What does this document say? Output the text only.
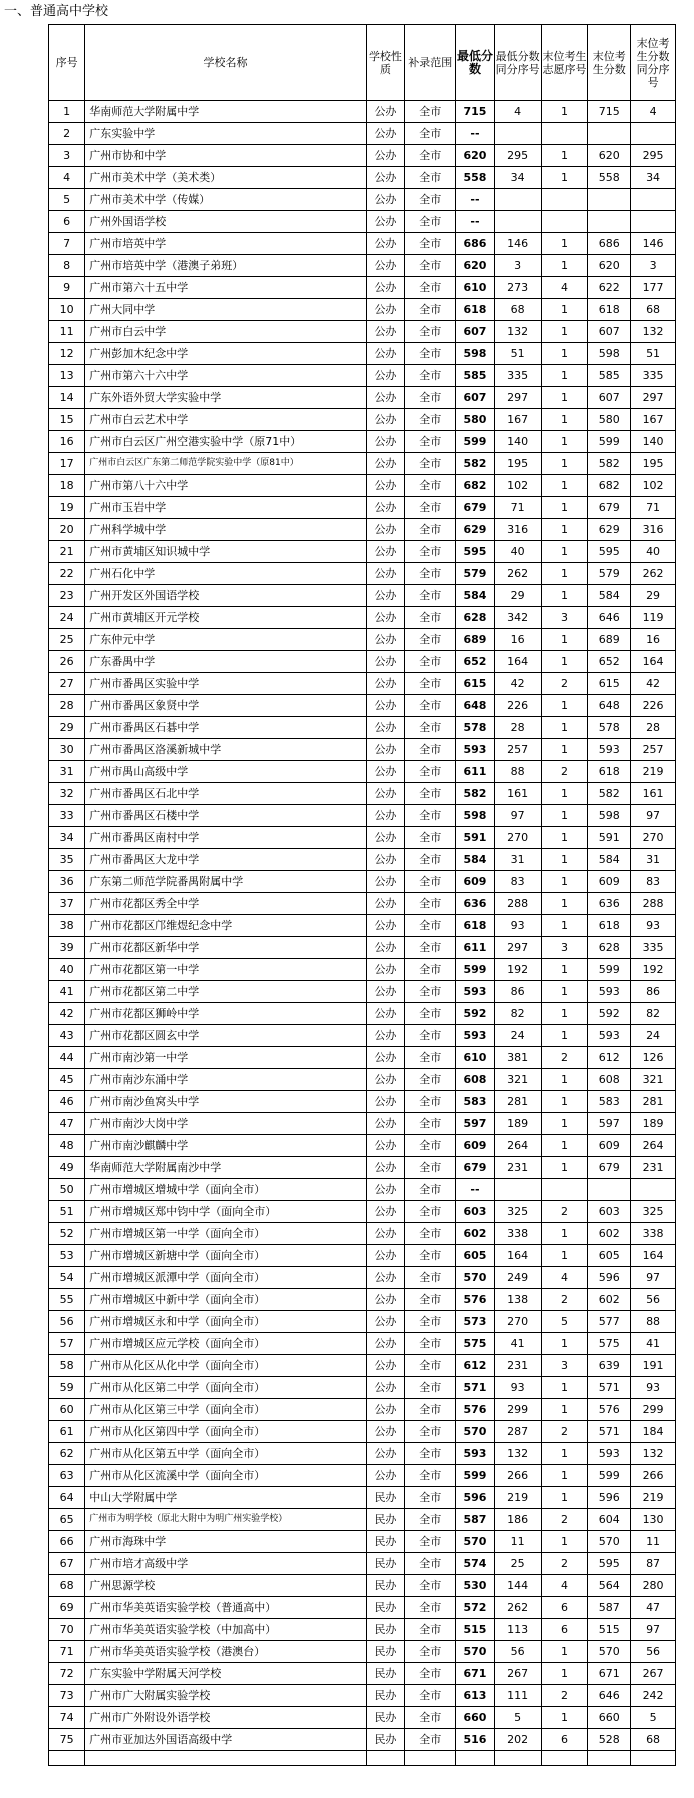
一、普通高中学校
序号	学校名称	学校性质	补录范围	最低分数	最低分数同分序号	末位考生志愿序号	末位考生分数	末位考生分数同分序号
1	华南师范大学附属中学	公办	全市	715	4	1	715	4
2	广东实验中学	公办	全市	--				
3	广州市协和中学	公办	全市	620	295	1	620	295
4	广州市美术中学（美术类）	公办	全市	558	34	1	558	34
5	广州市美术中学（传媒）	公办	全市	--				
6	广州外国语学校	公办	全市	--				
7	广州市培英中学	公办	全市	686	146	1	686	146
8	广州市培英中学（港澳子弟班）	公办	全市	620	3	1	620	3
9	广州市第六十五中学	公办	全市	610	273	4	622	177
10	广州大同中学	公办	全市	618	68	1	618	68
11	广州市白云中学	公办	全市	607	132	1	607	132
12	广州彭加木纪念中学	公办	全市	598	51	1	598	51
13	广州市第六十六中学	公办	全市	585	335	1	585	335
14	广东外语外贸大学实验中学	公办	全市	607	297	1	607	297
15	广州市白云艺术中学	公办	全市	580	167	1	580	167
16	广州市白云区广州空港实验中学（原71中）	公办	全市	599	140	1	599	140
17	广州市白云区广东第二师范学院实验中学（原81中）	公办	全市	582	195	1	582	195
18	广州市第八十六中学	公办	全市	682	102	1	682	102
19	广州市玉岩中学	公办	全市	679	71	1	679	71
20	广州科学城中学	公办	全市	629	316	1	629	316
21	广州市黄埔区知识城中学	公办	全市	595	40	1	595	40
22	广州石化中学	公办	全市	579	262	1	579	262
23	广州开发区外国语学校	公办	全市	584	29	1	584	29
24	广州市黄埔区开元学校	公办	全市	628	342	3	646	119
25	广东仲元中学	公办	全市	689	16	1	689	16
26	广东番禺中学	公办	全市	652	164	1	652	164
27	广州市番禺区实验中学	公办	全市	615	42	2	615	42
28	广州市番禺区象贤中学	公办	全市	648	226	1	648	226
29	广州市番禺区石碁中学	公办	全市	578	28	1	578	28
30	广州市番禺区洛溪新城中学	公办	全市	593	257	1	593	257
31	广州市禺山高级中学	公办	全市	611	88	2	618	219
32	广州市番禺区石北中学	公办	全市	582	161	1	582	161
33	广州市番禺区石楼中学	公办	全市	598	97	1	598	97
34	广州市番禺区南村中学	公办	全市	591	270	1	591	270
35	广州市番禺区大龙中学	公办	全市	584	31	1	584	31
36	广东第二师范学院番禺附属中学	公办	全市	609	83	1	609	83
37	广州市花都区秀全中学	公办	全市	636	288	1	636	288
38	广州市花都区邝维煜纪念中学	公办	全市	618	93	1	618	93
39	广州市花都区新华中学	公办	全市	611	297	3	628	335
40	广州市花都区第一中学	公办	全市	599	192	1	599	192
41	广州市花都区第二中学	公办	全市	593	86	1	593	86
42	广州市花都区狮岭中学	公办	全市	592	82	1	592	82
43	广州市花都区圆玄中学	公办	全市	593	24	1	593	24
44	广州市南沙第一中学	公办	全市	610	381	2	612	126
45	广州市南沙东涌中学	公办	全市	608	321	1	608	321
46	广州市南沙鱼窝头中学	公办	全市	583	281	1	583	281
47	广州市南沙大岗中学	公办	全市	597	189	1	597	189
48	广州市南沙麒麟中学	公办	全市	609	264	1	609	264
49	华南师范大学附属南沙中学	公办	全市	679	231	1	679	231
50	广州市增城区增城中学（面向全市）	公办	全市	--				
51	广州市增城区郑中钧中学（面向全市）	公办	全市	603	325	2	603	325
52	广州市增城区第一中学（面向全市）	公办	全市	602	338	1	602	338
53	广州市增城区新塘中学（面向全市）	公办	全市	605	164	1	605	164
54	广州市增城区派潭中学（面向全市）	公办	全市	570	249	4	596	97
55	广州市增城区中新中学（面向全市）	公办	全市	576	138	2	602	56
56	广州市增城区永和中学（面向全市）	公办	全市	573	270	5	577	88
57	广州市增城区应元学校（面向全市）	公办	全市	575	41	1	575	41
58	广州市从化区从化中学（面向全市）	公办	全市	612	231	3	639	191
59	广州市从化区第二中学（面向全市）	公办	全市	571	93	1	571	93
60	广州市从化区第三中学（面向全市）	公办	全市	576	299	1	576	299
61	广州市从化区第四中学（面向全市）	公办	全市	570	287	2	571	184
62	广州市从化区第五中学（面向全市）	公办	全市	593	132	1	593	132
63	广州市从化区流溪中学（面向全市）	公办	全市	599	266	1	599	266
64	中山大学附属中学	民办	全市	596	219	1	596	219
65	广州市为明学校（原北大附中为明广州实验学校）	民办	全市	587	186	2	604	130
66	广州市海珠中学	民办	全市	570	11	1	570	11
67	广州市培才高级中学	民办	全市	574	25	2	595	87
68	广州思源学校	民办	全市	530	144	4	564	280
69	广州市华美英语实验学校（普通高中）	民办	全市	572	262	6	587	47
70	广州市华美英语实验学校（中加高中）	民办	全市	515	113	6	515	97
71	广州市华美英语实验学校（港澳台）	民办	全市	570	56	1	570	56
72	广东实验中学附属天河学校	民办	全市	671	267	1	671	267
73	广州市广大附属实验学校	民办	全市	613	111	2	646	242
74	广州市广外附设外语学校	民办	全市	660	5	1	660	5
75	广州市亚加达外国语高级中学	民办	全市	516	202	6	528	68
